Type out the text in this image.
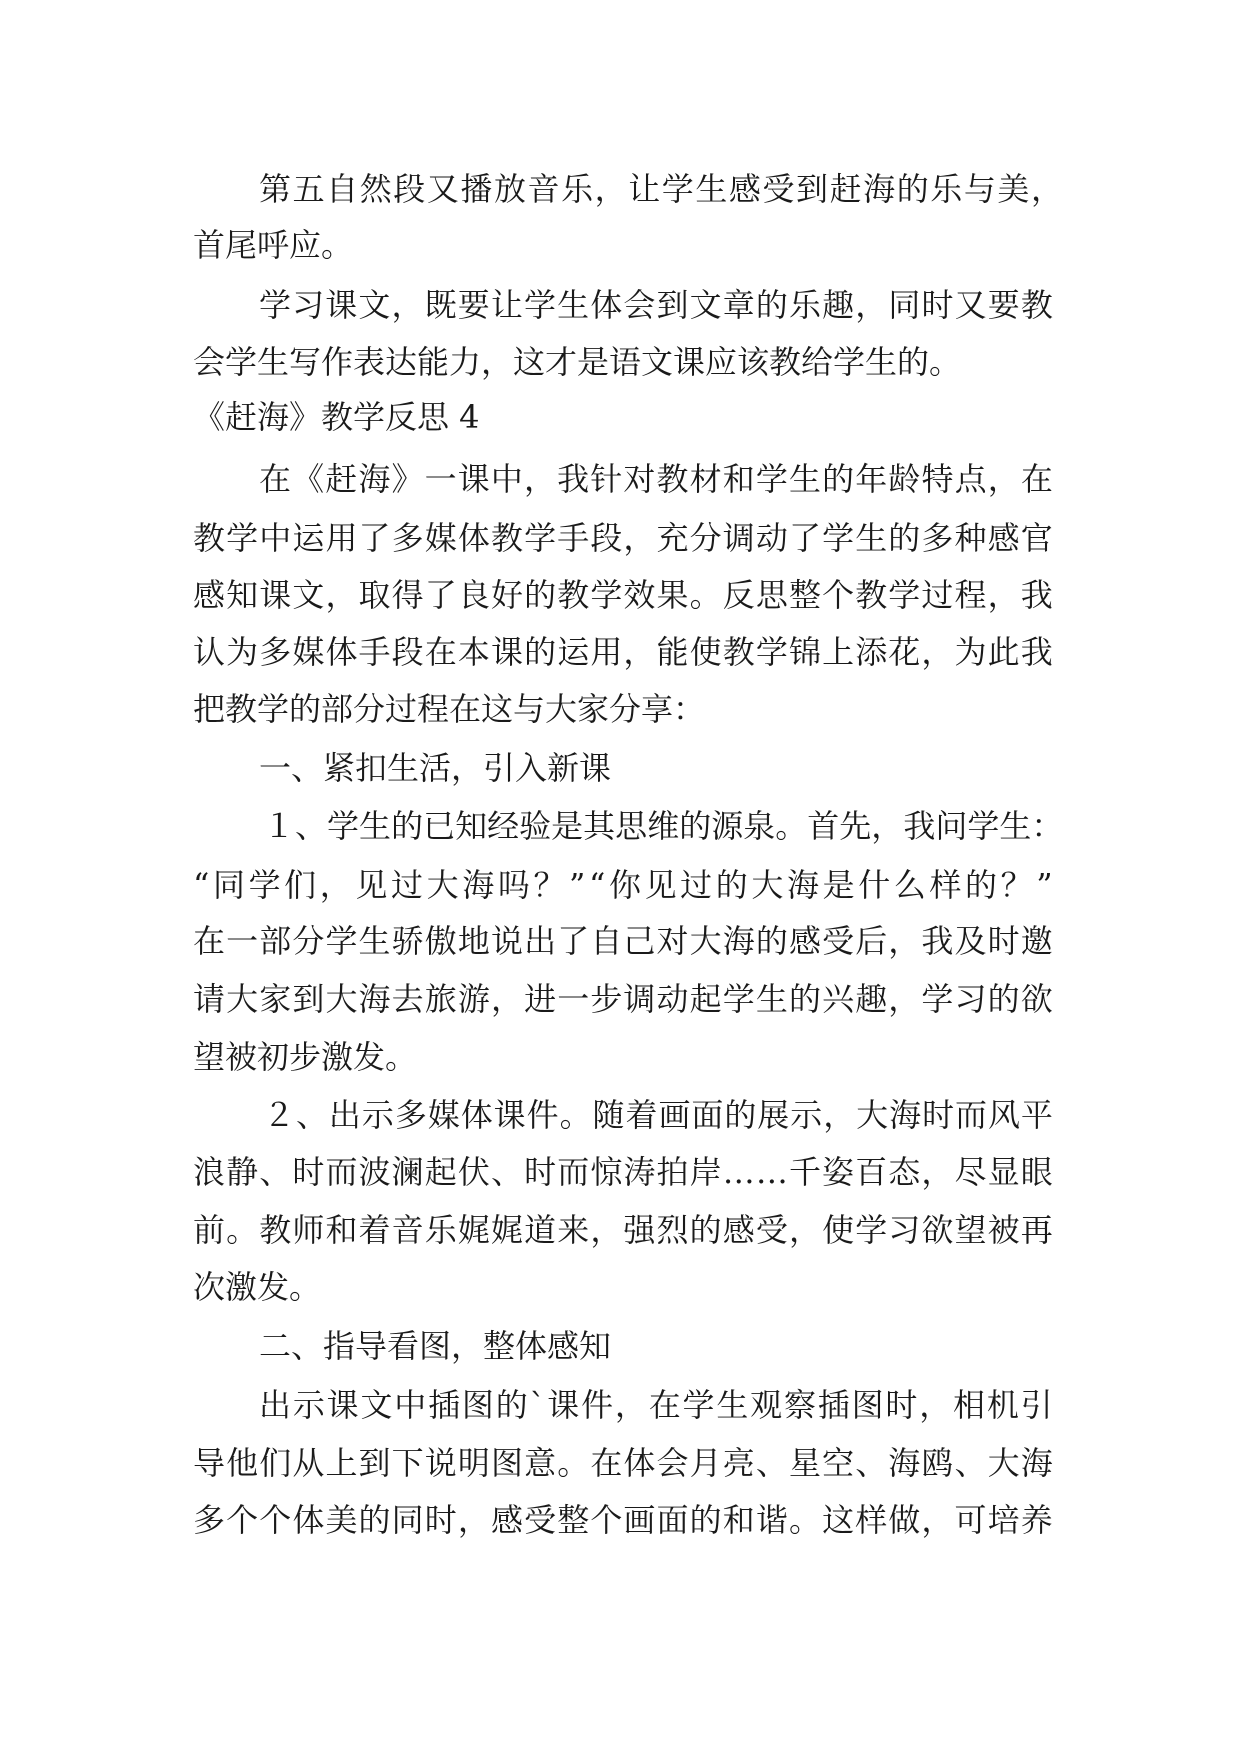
第 五 自 然 段 又 播 放 音 乐 ， 让 学 生 感 受 到 赶 海 的 乐 与 美 ，
首尾呼应。
学 习 课 文 ， 既 要 让 学 生 体 会 到 文 章 的 乐 趣 ， 同 时 又 要 教
会学生写作表达能力，这才是语文课应该教给学生的。
《赶海》教学反思 4
在 《 赶 海 》 一 课 中 ， 我 针 对 教 材 和 学 生 的 年 龄 特 点 ， 在
教 学 中 运 用 了 多 媒 体 教 学 手 段 ， 充 分 调 动 了 学 生 的 多 种 感 官
感 知 课 文 ， 取 得 了 良 好 的 教 学 效 果 。 反 思 整 个 教 学 过 程 ， 我
认 为 多 媒 体 手 段 在 本 课 的 运 用 ， 能 使 教 学 锦 上 添 花 ， 为 此 我
把教学的部分过程在这与大家分享：
一、紧扣生活，引入新课
１ 、 学 生 的 已 知 经 验 是 其 思 维 的 源 泉 。 首 先 ， 我 问 学 生 ：
“ 同 学 们 ， 见 过 大 海 吗 ？ ” “ 你 见 过 的 大 海 是 什 么 样 的 ？ ”
在 一 部 分 学 生 骄 傲 地 说 出 了 自 己 对 大 海 的 感 受 后 ， 我 及 时 邀
请 大 家 到 大 海 去 旅 游 ， 进 一 步 调 动 起 学 生 的 兴 趣 ， 学 习 的 欲
望被初步激发。
２ 、 出 示 多 媒 体 课 件 。 随 着 画 面 的 展 示 ， 大 海 时 而 风 平
浪 静 、 时 而 波 澜 起 伏 、 时 而 惊 涛 拍 岸 … … 千 姿 百 态 ， 尽 显 眼
前 。 教 师 和 着 音 乐 娓 娓 道 来 ， 强 烈 的 感 受 ， 使 学 习 欲 望 被 再
次激发。
二、指导看图，整体感知
出 示 课 文 中 插 图 的 ` 课 件 ， 在 学 生 观 察 插 图 时 ， 相 机 引
导 他 们 从 上 到 下 说 明 图 意 。 在 体 会 月 亮 、 星 空 、 海 鸥 、 大 海
多 个 个 体 美 的 同 时 ， 感 受 整 个 画 面 的 和 谐 。 这 样 做 ， 可 培 养
